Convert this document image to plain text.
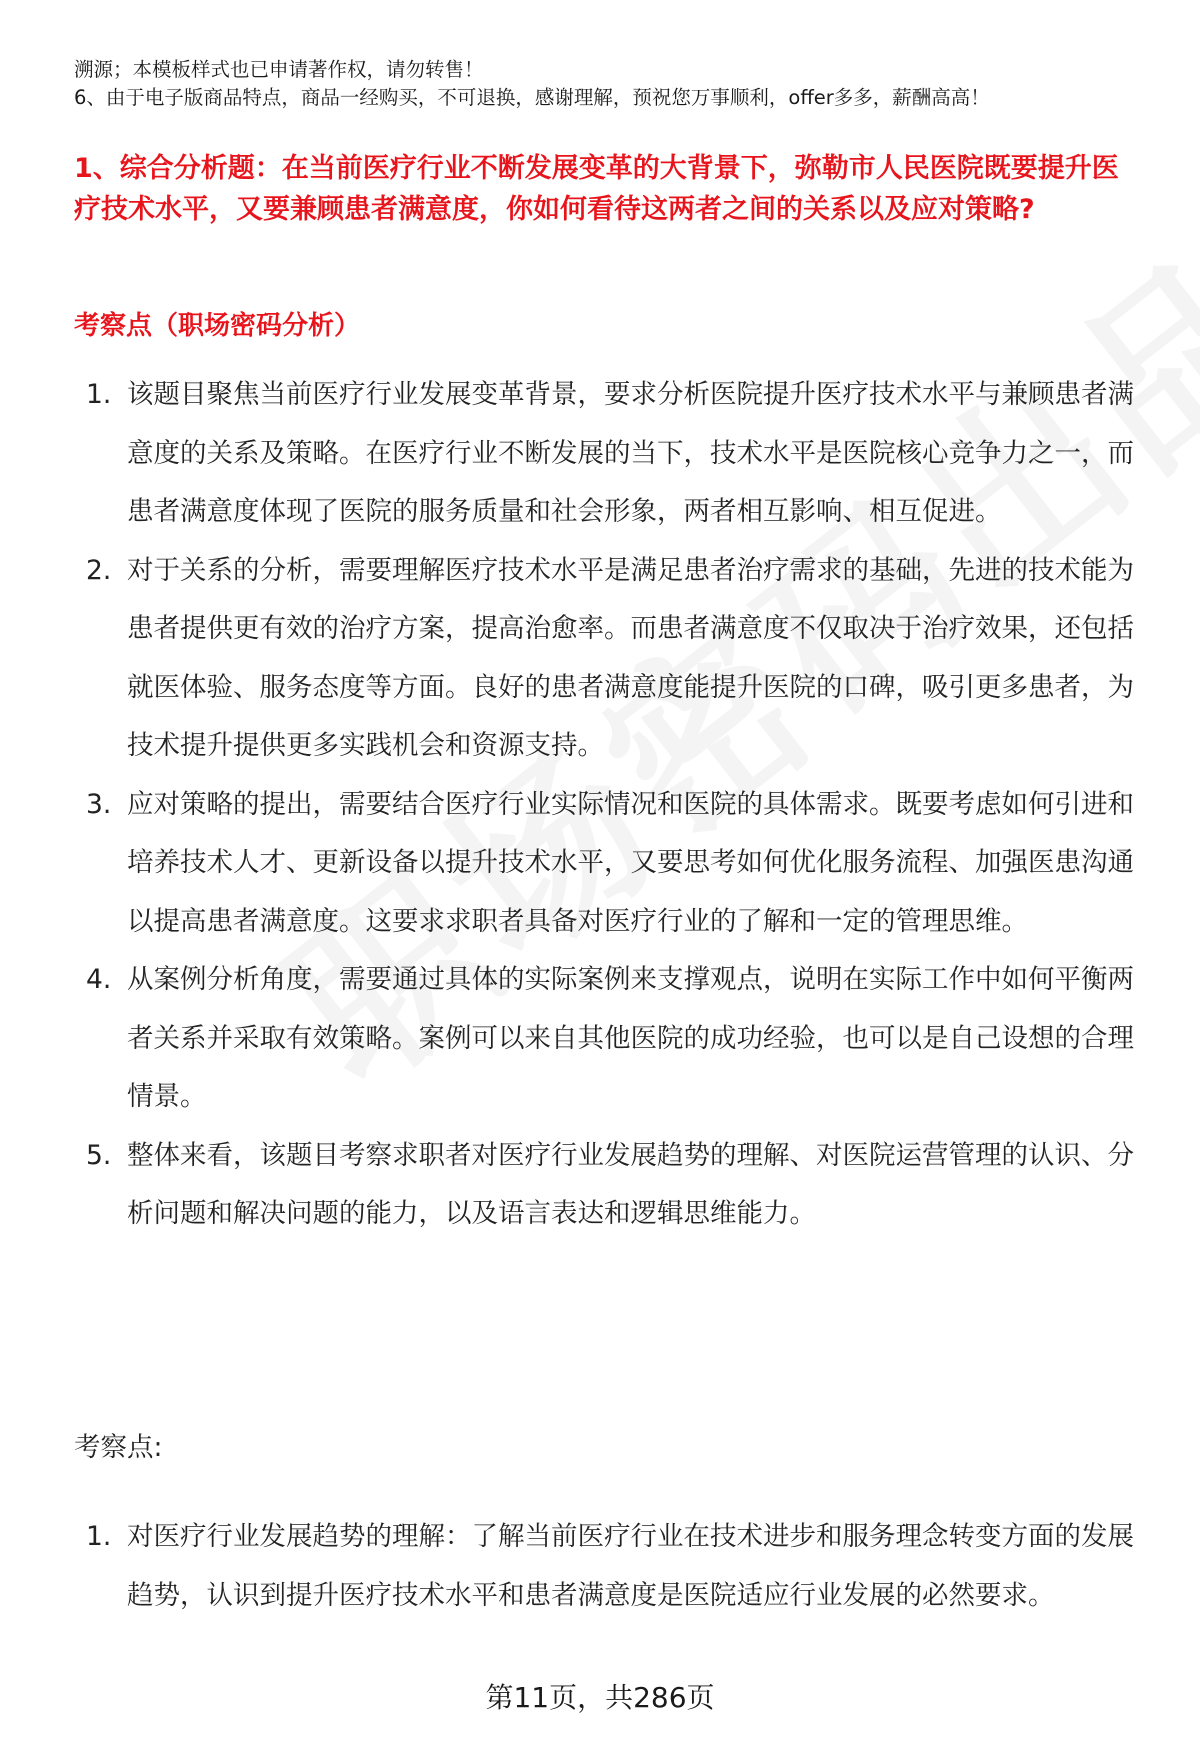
溯源；本模板样式也已申请著作权，请勿转售！
6、由于电子版商品特点，商品一经购买，不可退换，感谢理解，预祝您万事顺利，offer多多，薪酬高高！
1、综合分析题：在当前医疗行业不断发展变革的大背景下，弥勒市人民医院既要提升医疗技术水平，又要兼顾患者满意度，你如何看待这两者之间的关系以及应对策略?
考察点（职场密码分析）
1. 该题目聚焦当前医疗行业发展变革背景，要求分析医院提升医疗技术水平与兼顾患者满意度的关系及策略。在医疗行业不断发展的当下，技术水平是医院核心竞争力之一，而患者满意度体现了医院的服务质量和社会形象，两者相互影响、相互促进。
2. 对于关系的分析，需要理解医疗技术水平是满足患者治疗需求的基础，先进的技术能为患者提供更有效的治疗方案，提高治愈率。而患者满意度不仅取决于治疗效果，还包括就医体验、服务态度等方面。良好的患者满意度能提升医院的口碑，吸引更多患者，为技术提升提供更多实践机会和资源支持。
3. 应对策略的提出，需要结合医疗行业实际情况和医院的具体需求。既要考虑如何引进和培养技术人才、更新设备以提升技术水平，又要思考如何优化服务流程、加强医患沟通以提高患者满意度。这要求求职者具备对医疗行业的了解和一定的管理思维。
4. 从案例分析角度，需要通过具体的实际案例来支撑观点，说明在实际工作中如何平衡两者关系并采取有效策略。案例可以来自其他医院的成功经验，也可以是自己设想的合理情景。
5. 整体来看，该题目考察求职者对医疗行业发展趋势的理解、对医院运营管理的认识、分析问题和解决问题的能力，以及语言表达和逻辑思维能力。
考察点:
1. 对医疗行业发展趋势的理解：了解当前医疗行业在技术进步和服务理念转变方面的发展趋势，认识到提升医疗技术水平和患者满意度是医院适应行业发展的必然要求。
第11页，共286页
